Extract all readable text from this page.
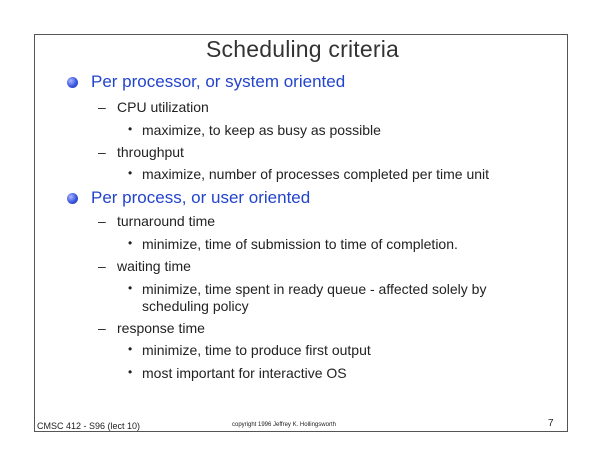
Scheduling criteria
Per processor, or system oriented
– CPU utilization
• maximize, to keep as busy as possible
– throughput
• maximize, number of processes completed per time unit
Per process, or user oriented
– turnaround time
• minimize, time of submission to time of completion.
– waiting time
• minimize, time spent in ready queue - affected solely by
scheduling policy
– response time
• minimize, time to produce first output
• most important for interactive OS
CMSC 412 - S96 (lect 10)	copyright 1996 Jeffrey K. Hollingsworth	7
